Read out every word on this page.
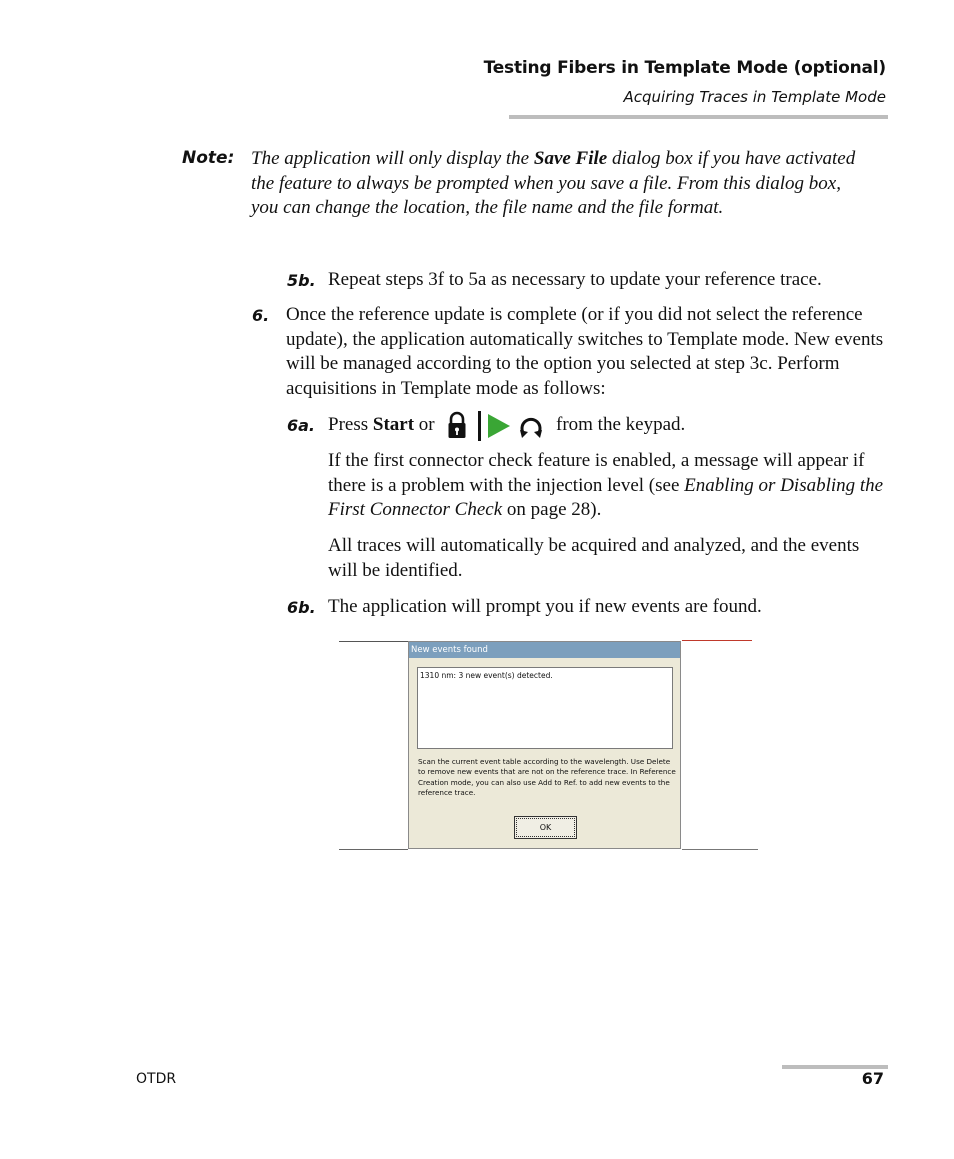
Testing Fibers in Template Mode (optional)
Acquiring Traces in Template Mode
Note: The application will only display the Save File dialog box if you have activated the feature to always be prompted when you save a file. From this dialog box, you can change the location, the file name and the file format.
5b. Repeat steps 3f to 5a as necessary to update your reference trace.
6. Once the reference update is complete (or if you did not select the reference update), the application automatically switches to Template mode. New events will be managed according to the option you selected at step 3c. Perform acquisitions in Template mode as follows:
6a. Press Start or	from the keypad.
If the first connector check feature is enabled, a message will appear if there is a problem with the injection level (see Enabling or Disabling the First Connector Check on page 28).
All traces will automatically be acquired and analyzed, and the events will be identified.
6b. The application will prompt you if new events are found.
New events found
1310 nm: 3 new event(s) detected.
Scan the current event table according to the wavelength. Use Delete to remove new events that are not on the reference trace. In Reference Creation mode, you can also use Add to Ref. to add new events to the reference trace.
OK
OTDR	67
